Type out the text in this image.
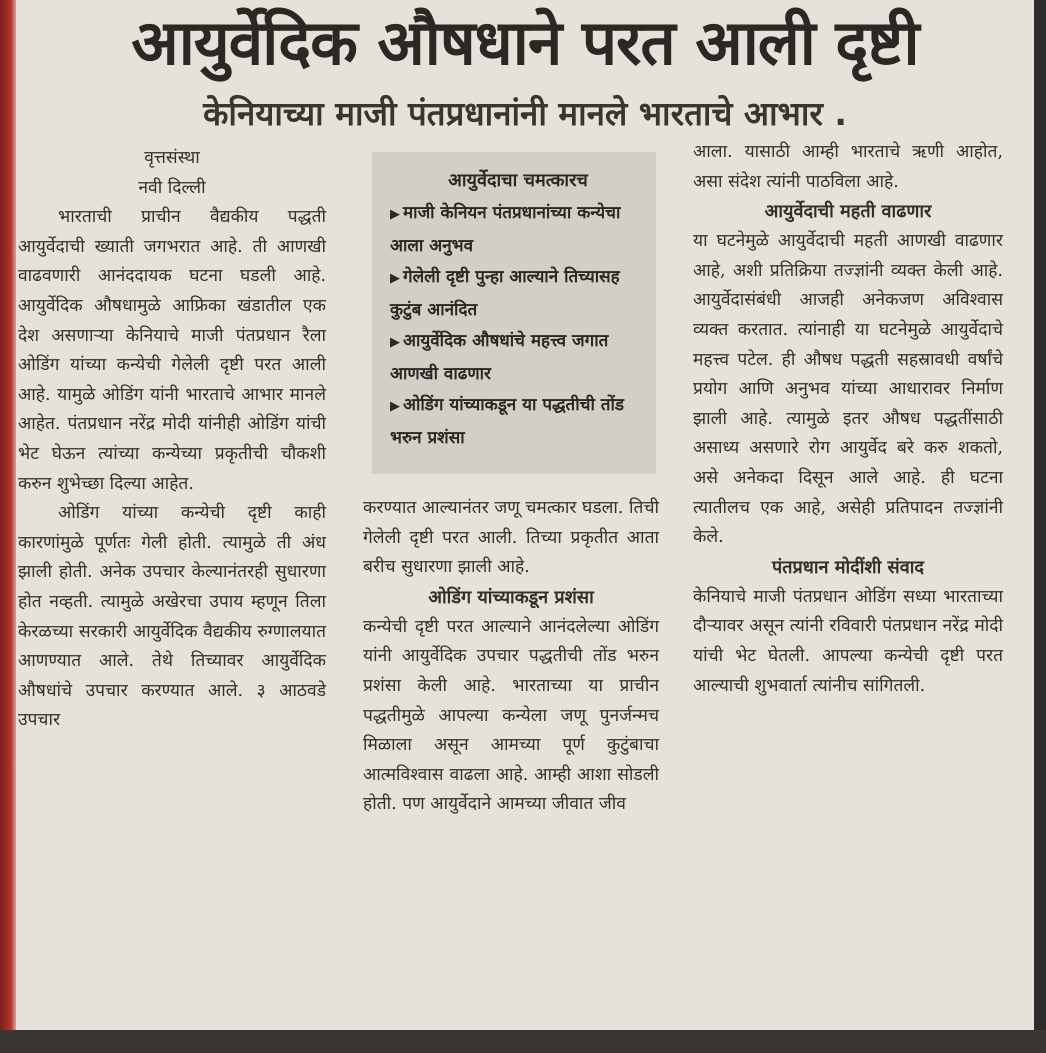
आयुर्वेदिक औषधाने परत आली दृष्टी
केनियाच्या माजी पंतप्रधानांनी मानले भारताचे आभार .

वृत्तसंस्था

नवी दिल्ली

भारताची प्राचीन वैद्यकीय पद्धती आयुर्वेदाची ख्याती जगभरात आहे. ती आणखी वाढवणारी आनंददायक घटना घडली आहे. आयुर्वेदिक औषधामुळे आफ्रिका खंडातील एक देश असणाऱ्या केनियाचे माजी पंतप्रधान रैला ओडिंग यांच्या कन्येची गेलेली दृष्टी परत आली आहे. यामुळे ओडिंग यांनी भारताचे आभार मानले आहेत. पंतप्रधान नरेंद्र मोदी यांनीही ओडिंग यांची भेट घेऊन त्यांच्या कन्येच्या प्रकृतीची चौकशी करुन शुभेच्छा दिल्या आहेत.

ओडिंग यांच्या कन्येची दृष्टी काही कारणांमुळे पूर्णतः गेली होती. त्यामुळे ती अंध झाली होती. अनेक उपचार केल्यानंतरही सुधारणा होत नव्हती. त्यामुळे अखेरचा उपाय म्हणून तिला केरळच्या सरकारी आयुर्वेदिक वैद्यकीय रुग्णालयात आणण्यात आले. तेथे तिच्यावर आयुर्वेदिक औषधांचे उपचार करण्यात आले. ३ आठवडे उपचार

आयुर्वेदाचा चमत्कारच

▶ माजी केनियन पंतप्रधानांच्या कन्येचा आला अनुभव

▶ गेलेली दृष्टी पुन्हा आल्याने तिच्यासह कुटुंब आनंदित

▶ आयुर्वेदिक औषधांचे महत्त्व जगात आणखी वाढणार

▶ ओडिंग यांच्याकडून या पद्धतीची तोंड भरुन प्रशंसा

करण्यात आल्यानंतर जणू चमत्कार घडला. तिची गेलेली दृष्टी परत आली. तिच्या प्रकृतीत आता बरीच सुधारणा झाली आहे.

ओडिंग यांच्याकडून प्रशंसा

कन्येची दृष्टी परत आल्याने आनंदलेल्या ओडिंग यांनी आयुर्वेदिक उपचार पद्धतीची तोंड भरुन प्रशंसा केली आहे. भारताच्या या प्राचीन पद्धतीमुळे आपल्या कन्येला जणू पुनर्जन्मच मिळाला असून आमच्या पूर्ण कुटुंबाचा आत्मविश्वास वाढला आहे. आम्ही आशा सोडली होती. पण आयुर्वेदाने आमच्या जीवात जीव

आला. यासाठी आम्ही भारताचे ऋणी आहोत, असा संदेश त्यांनी पाठविला आहे.

आयुर्वेदाची महती वाढणार

या घटनेमुळे आयुर्वेदाची महती आणखी वाढणार आहे, अशी प्रतिक्रिया तज्ज्ञांनी व्यक्त केली आहे. आयुर्वेदासंबंधी आजही अनेकजण अविश्वास व्यक्त करतात. त्यांनाही या घटनेमुळे आयुर्वेदाचे महत्त्व पटेल. ही औषध पद्धती सहस्रावधी वर्षांचे प्रयोग आणि अनुभव यांच्या आधारावर निर्माण झाली आहे. त्यामुळे इतर औषध पद्धतींसाठी असाध्य असणारे रोग आयुर्वेद बरे करु शकतो, असे अनेकदा दिसून आले आहे. ही घटना त्यातीलच एक आहे, असेही प्रतिपादन तज्ज्ञांनी केले.

पंतप्रधान मोदींशी संवाद

केनियाचे माजी पंतप्रधान ओडिंग सध्या भारताच्या दौऱ्यावर असून त्यांनी रविवारी पंतप्रधान नरेंद्र मोदी यांची भेट घेतली. आपल्या कन्येची दृष्टी परत आल्याची शुभवार्ता त्यांनीच सांगितली.
